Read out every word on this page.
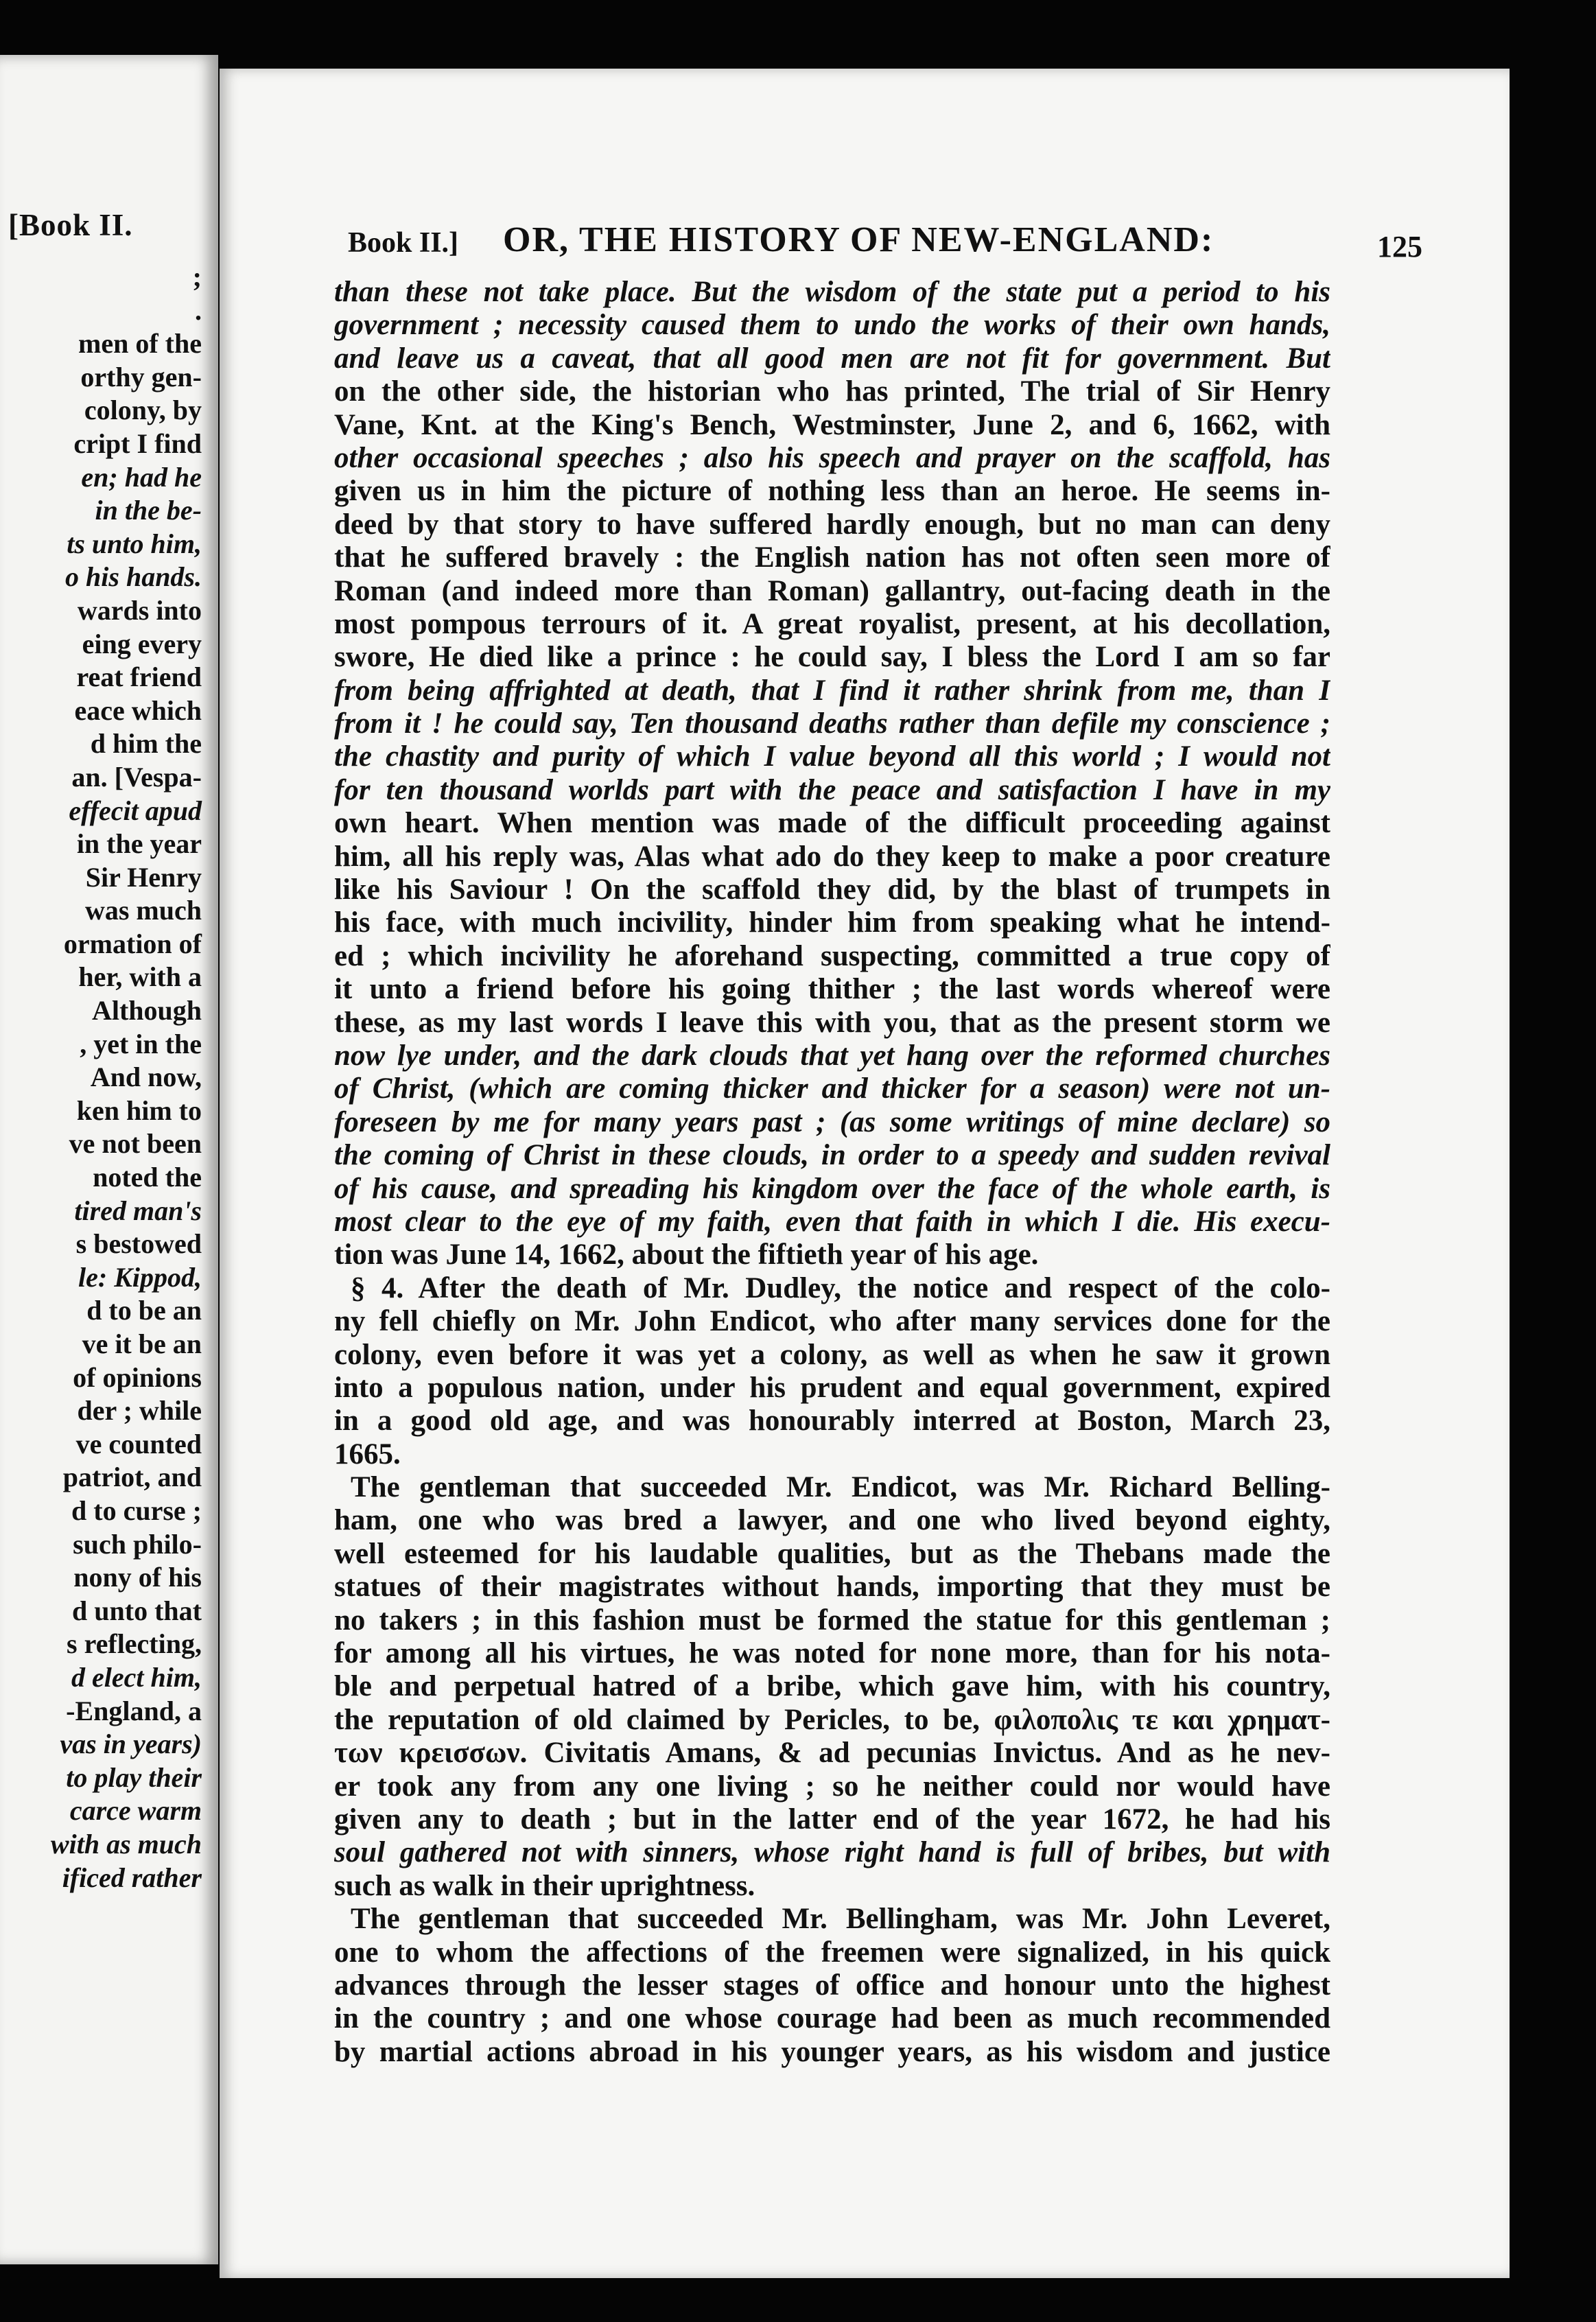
[Book II.
;
.
men of the
orthy gen-
colony, by
cript I find
en; had he
in the be-
ts unto him,
o his hands.
wards into
eing every
reat friend
eace which
d him the
an. [Vespa-
effecit apud
in the year
Sir Henry
was much
ormation of
her, with a
Although
, yet in the
And now,
ken him to
ve not been
noted the
tired man's
s bestowed
le: Kippod,
d to be an
ve it be an
of opinions
der ; while
ve counted
patriot, and
d to curse ;
such philo-
nony of his
d unto that
s reflecting,
d elect him,
-England, a
vas in years)
to play their
carce warm
with as much
ificed rather
Book II.] OR, THE HISTORY OF NEW-ENGLAND:	125
than these not take place. But the wisdom of the state put a period to his
government ; necessity caused them to undo the works of their own hands,
and leave us a caveat, that all good men are not fit for government. But
on the other side, the historian who has printed, The trial of Sir Henry
Vane, Knt. at the King's Bench, Westminster, June 2, and 6, 1662, with
other occasional speeches ; also his speech and prayer on the scaffold, has
given us in him the picture of nothing less than an heroe. He seems in-
deed by that story to have suffered hardly enough, but no man can deny
that he suffered bravely : the English nation has not often seen more of
Roman (and indeed more than Roman) gallantry, out-facing death in the
most pompous terrours of it. A great royalist, present, at his decollation,
swore, He died like a prince : he could say, I bless the Lord I am so far
from being affrighted at death, that I find it rather shrink from me, than I
from it ! he could say, Ten thousand deaths rather than defile my conscience ;
the chastity and purity of which I value beyond all this world ; I would not
for ten thousand worlds part with the peace and satisfaction I have in my
own heart. When mention was made of the difficult proceeding against
him, all his reply was, Alas what ado do they keep to make a poor creature
like his Saviour ! On the scaffold they did, by the blast of trumpets in
his face, with much incivility, hinder him from speaking what he intend-
ed ; which incivility he aforehand suspecting, committed a true copy of
it unto a friend before his going thither ; the last words whereof were
these, as my last words I leave this with you, that as the present storm we
now lye under, and the dark clouds that yet hang over the reformed churches
of Christ, (which are coming thicker and thicker for a season) were not un-
foreseen by me for many years past ; (as some writings of mine declare) so
the coming of Christ in these clouds, in order to a speedy and sudden revival
of his cause, and spreading his kingdom over the face of the whole earth, is
most clear to the eye of my faith, even that faith in which I die. His execu-
tion was June 14, 1662, about the fiftieth year of his age.
§ 4. After the death of Mr. Dudley, the notice and respect of the colo-
ny fell chiefly on Mr. John Endicot, who after many services done for the
colony, even before it was yet a colony, as well as when he saw it grown
into a populous nation, under his prudent and equal government, expired
in a good old age, and was honourably interred at Boston, March 23,
1665.
The gentleman that succeeded Mr. Endicot, was Mr. Richard Belling-
ham, one who was bred a lawyer, and one who lived beyond eighty,
well esteemed for his laudable qualities, but as the Thebans made the
statues of their magistrates without hands, importing that they must be
no takers ; in this fashion must be formed the statue for this gentleman ;
for among all his virtues, he was noted for none more, than for his nota-
ble and perpetual hatred of a bribe, which gave him, with his country,
the reputation of old claimed by Pericles, to be, φιλοπολις τε και χρηματ-
των κρεισσων. Civitatis Amans, & ad pecunias Invictus. And as he nev-
er took any from any one living ; so he neither could nor would have
given any to death ; but in the latter end of the year 1672, he had his
soul gathered not with sinners, whose right hand is full of bribes, but with
such as walk in their uprightness.
The gentleman that succeeded Mr. Bellingham, was Mr. John Leveret,
one to whom the affections of the freemen were signalized, in his quick
advances through the lesser stages of office and honour unto the highest
in the country ; and one whose courage had been as much recommended
by martial actions abroad in his younger years, as his wisdom and justice
